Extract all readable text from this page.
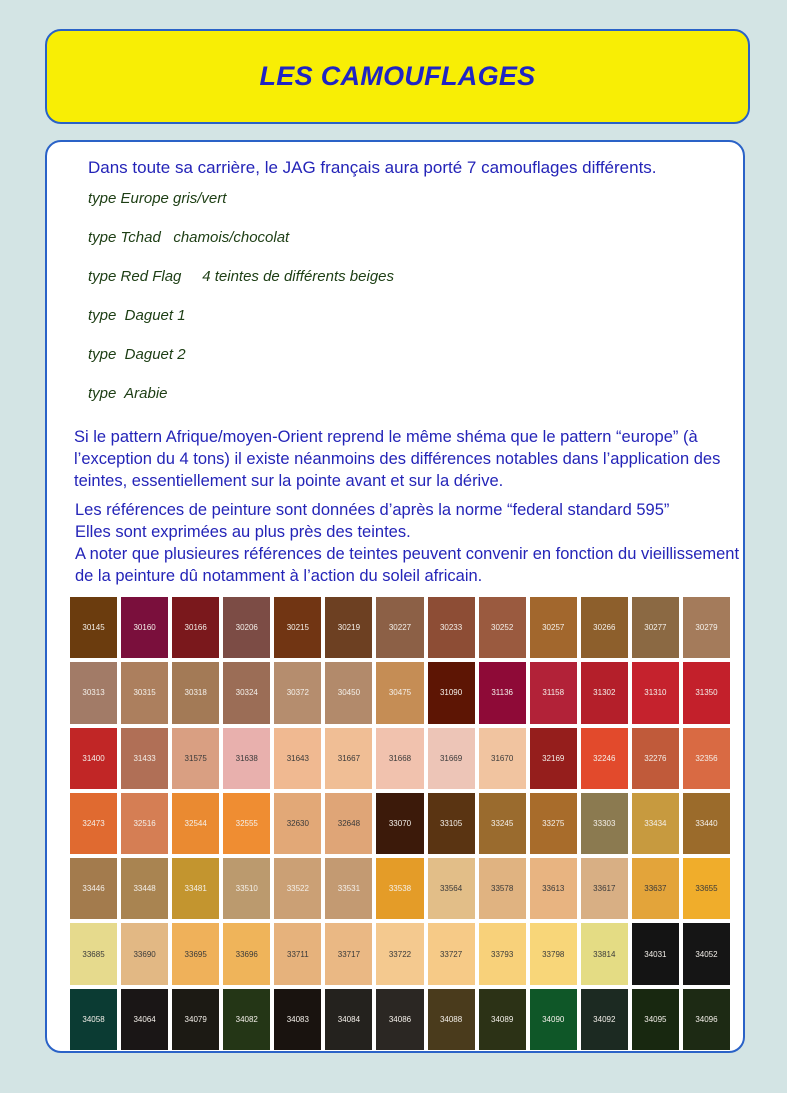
LES CAMOUFLAGES

Dans toute sa carrière, le JAG français aura porté 7 camouflages différents.

type Europe gris/vert
type Tchad   chamois/chocolat
type Red Flag     4 teintes de différents beiges
type  Daguet 1
type  Daguet 2
type  Arabie

Si le pattern Afrique/moyen-Orient reprend le même shéma que le pattern “europe” (à l’exception du 4 tons) il existe néanmoins des différences notables dans l’application des teintes, essentiellement sur la pointe avant et sur la dérive.

Les références de peinture sont données d’après la norme “federal standard 595”
Elles sont exprimées au plus près des teintes.
A noter que plusieures références de teintes peuvent convenir en fonction du vieillissement de la peinture dû notamment à l’action du soleil africain.
30145	30160	30166	30206	30215	30219	30227	30233	30252	30257	30266	30277	30279
30313	30315	30318	30324	30372	30450	30475	31090	31136	31158	31302	31310	31350
31400	31433	31575	31638	31643	31667	31668	31669	31670	32169	32246	32276	32356
32473	32516	32544	32555	32630	32648	33070	33105	33245	33275	33303	33434	33440
33446	33448	33481	33510	33522	33531	33538	33564	33578	33613	33617	33637	33655
33685	33690	33695	33696	33711	33717	33722	33727	33793	33798	33814	34031	34052
34058	34064	34079	34082	34083	34084	34086	34088	34089	34090	34092	34095	34096
